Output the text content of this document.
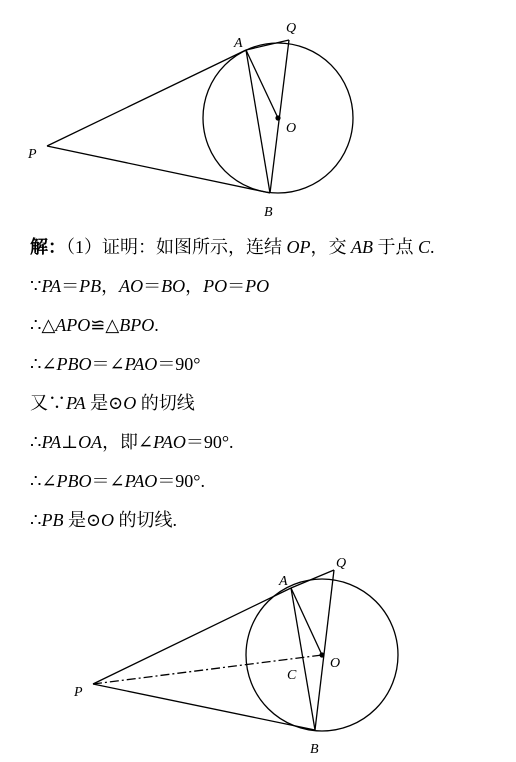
A
Q
O
P
B
解：（1）证明：如图所示，连结 OP，交 AB 于点 C.
∵PA＝PB，AO＝BO，PO＝PO
∴△APO≌△BPO.
∴∠PBO＝∠PAO＝90°
又∵PA 是⊙O 的切线
∴PA⊥OA，即∠PAO＝90°.
∴∠PBO＝∠PAO＝90°.
∴PB 是⊙O 的切线.
A
Q
O
C
P
B
